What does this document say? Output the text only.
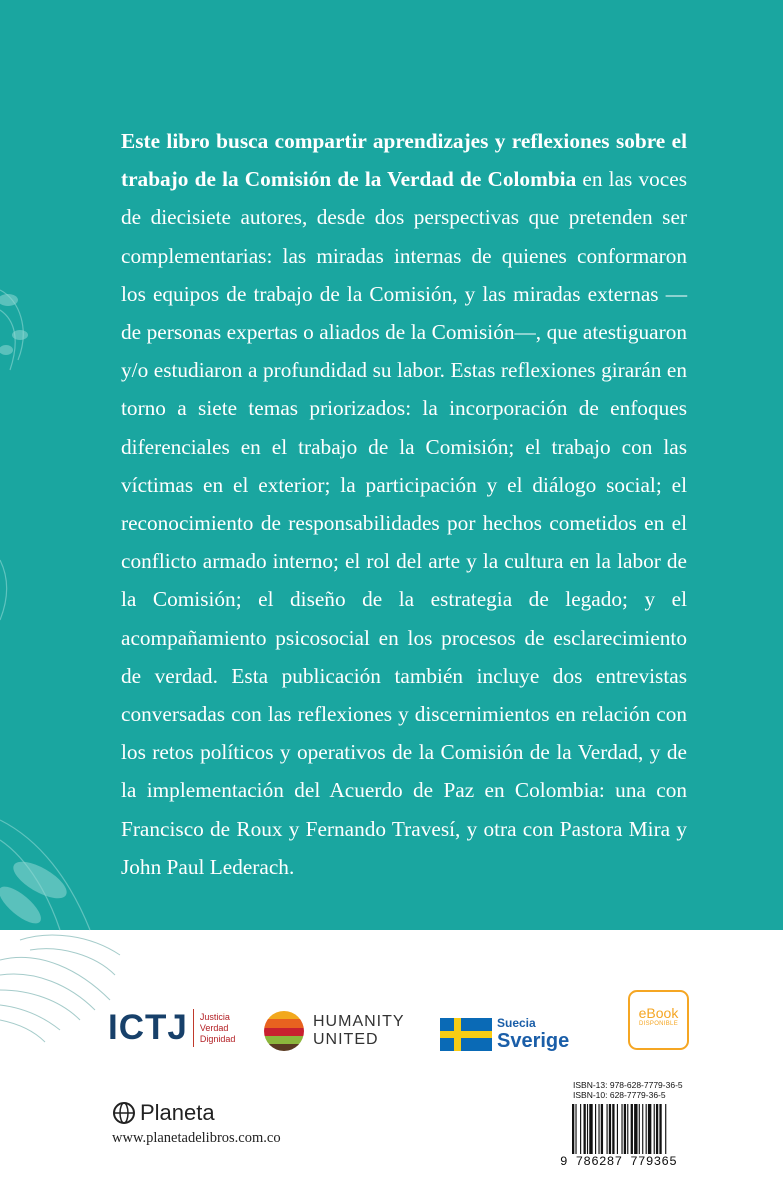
Este libro busca compartir aprendizajes y reflexiones sobre el trabajo de la Comisión de la Verdad de Colombia en las voces de diecisiete autores, desde dos perspectivas que pretenden ser complementarias: las miradas internas de quienes conformaron los equipos de trabajo de la Comisión, y las miradas externas —de personas expertas o aliados de la Comisión—, que atestiguaron y/o estudiaron a profundidad su labor. Estas reflexiones girarán en torno a siete temas priorizados: la incorporación de enfoques diferenciales en el trabajo de la Comisión; el trabajo con las víctimas en el exterior; la participación y el diálogo social; el reconocimiento de responsabilidades por hechos cometidos en el conflicto armado interno; el rol del arte y la cultura en la labor de la Comisión; el diseño de la estrategia de legado; y el acompañamiento psicosocial en los procesos de esclarecimiento de verdad. Esta publicación también incluye dos entrevistas conversadas con las reflexiones y discernimientos en relación con los retos políticos y operativos de la Comisión de la Verdad, y de la implementación del Acuerdo de Paz en Colombia: una con Francisco de Roux y Fernando Travesí, y otra con Pastora Mira y John Paul Lederach.

ICTJ Justicia
Verdad
Dignidad
HUMANITY
UNITED
Suecia
Sverige
eBook
DISPONIBLE
Planeta
www.planetadelibros.com.co
ISBN-13: 978-628-7779-36-5
ISBN-10: 628-7779-36-5
9 786287 779365
